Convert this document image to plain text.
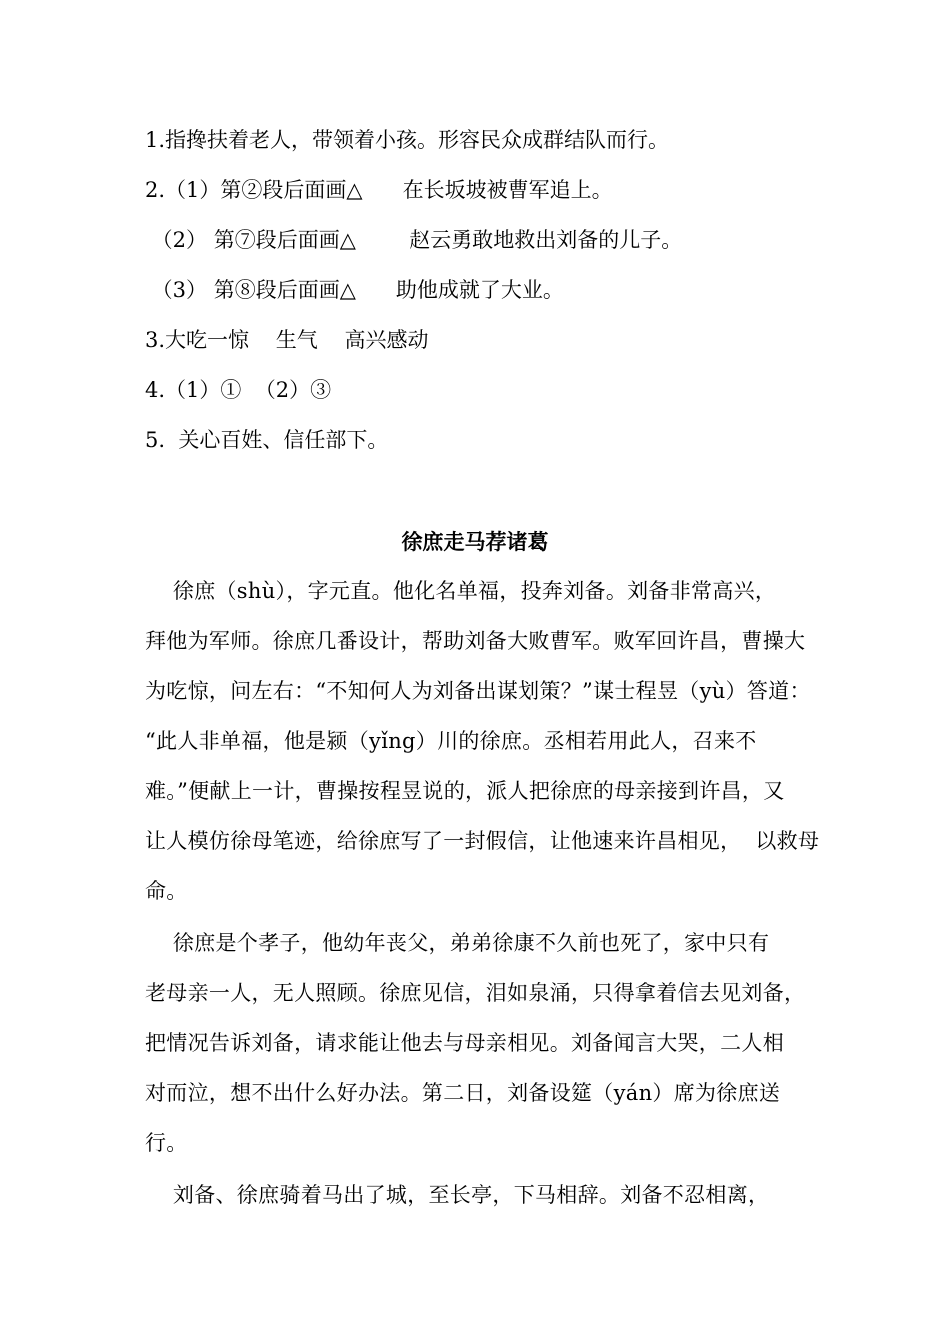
1.指搀扶着老人，带领着小孩。形容民众成群结队而行。
2.（1）第②段后面画△      在长坂坡被曹军追上。
（2） 第⑦段后面画△        赵云勇敢地救出刘备的儿子。
（3） 第⑧段后面画△      助他成就了大业。
3.大吃一惊    生气    高兴感动
4.（1）①  （2）③
5.  关心百姓、信任部下。
徐庶走马荐诸葛
徐庶（shù），字元直。他化名单福，投奔刘备。刘备非常高兴，
拜他为军师。徐庶几番设计，帮助刘备大败曹军。败军回许昌，曹操大
为吃惊，问左右：“不知何人为刘备出谋划策？”谋士程昱（yù）答道：
“此人非单福，他是颍（yǐng）川的徐庶。丞相若用此人，召来不
难。”便献上一计，曹操按程昱说的，派人把徐庶的母亲接到许昌，又
让人模仿徐母笔迹，给徐庶写了一封假信，让他速来许昌相见，  以救母
命。
徐庶是个孝子，他幼年丧父，弟弟徐康不久前也死了，家中只有
老母亲一人，无人照顾。徐庶见信，泪如泉涌，只得拿着信去见刘备，
把情况告诉刘备，请求能让他去与母亲相见。刘备闻言大哭，二人相
对而泣，想不出什么好办法。第二日，刘备设筵（yán）席为徐庶送
行。
刘备、徐庶骑着马出了城，至长亭，下马相辞。刘备不忍相离，
